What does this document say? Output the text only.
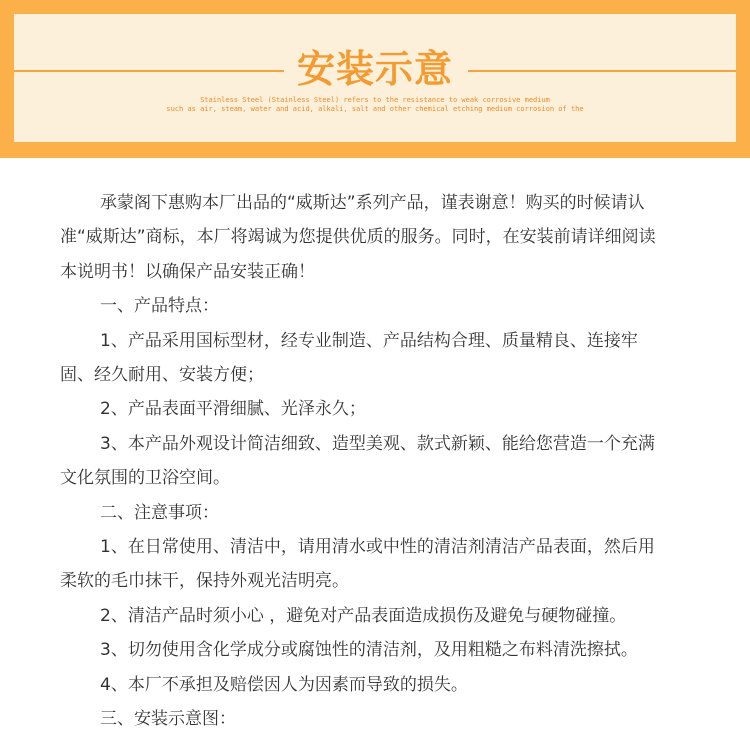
安装示意
Stainless Steel (Stainless Steel) refers to the resistance to weak corrosive medium
such as air, steam, water and acid, alkali, salt and other chemical etching medium corrosion of the

承蒙阁下惠购本厂出品的“威斯达”系列产品，谨表谢意！购买的时候请认准“威斯达”商标，本厂将竭诚为您提供优质的服务。同时，在安装前请详细阅读本说明书！以确保产品安装正确！

一、产品特点：

1、产品采用国标型材，经专业制造、产品结构合理、质量精良、连接牢固、经久耐用、安装方便；

2、产品表面平滑细腻、光泽永久；

3、本产品外观设计简洁细致、造型美观、款式新颖、能给您营造一个充满文化氛围的卫浴空间。

二、注意事项：

1、在日常使用、清洁中，请用清水或中性的清洁剂清洁产品表面，然后用柔软的毛巾抹干，保持外观光洁明亮。

2、清洁产品时须小心 ，避免对产品表面造成损伤及避免与硬物碰撞。

3、切勿使用含化学成分或腐蚀性的清洁剂，及用粗糙之布料清洗擦拭。

4、本厂不承担及赔偿因人为因素而导致的损失。

三、安装示意图：
